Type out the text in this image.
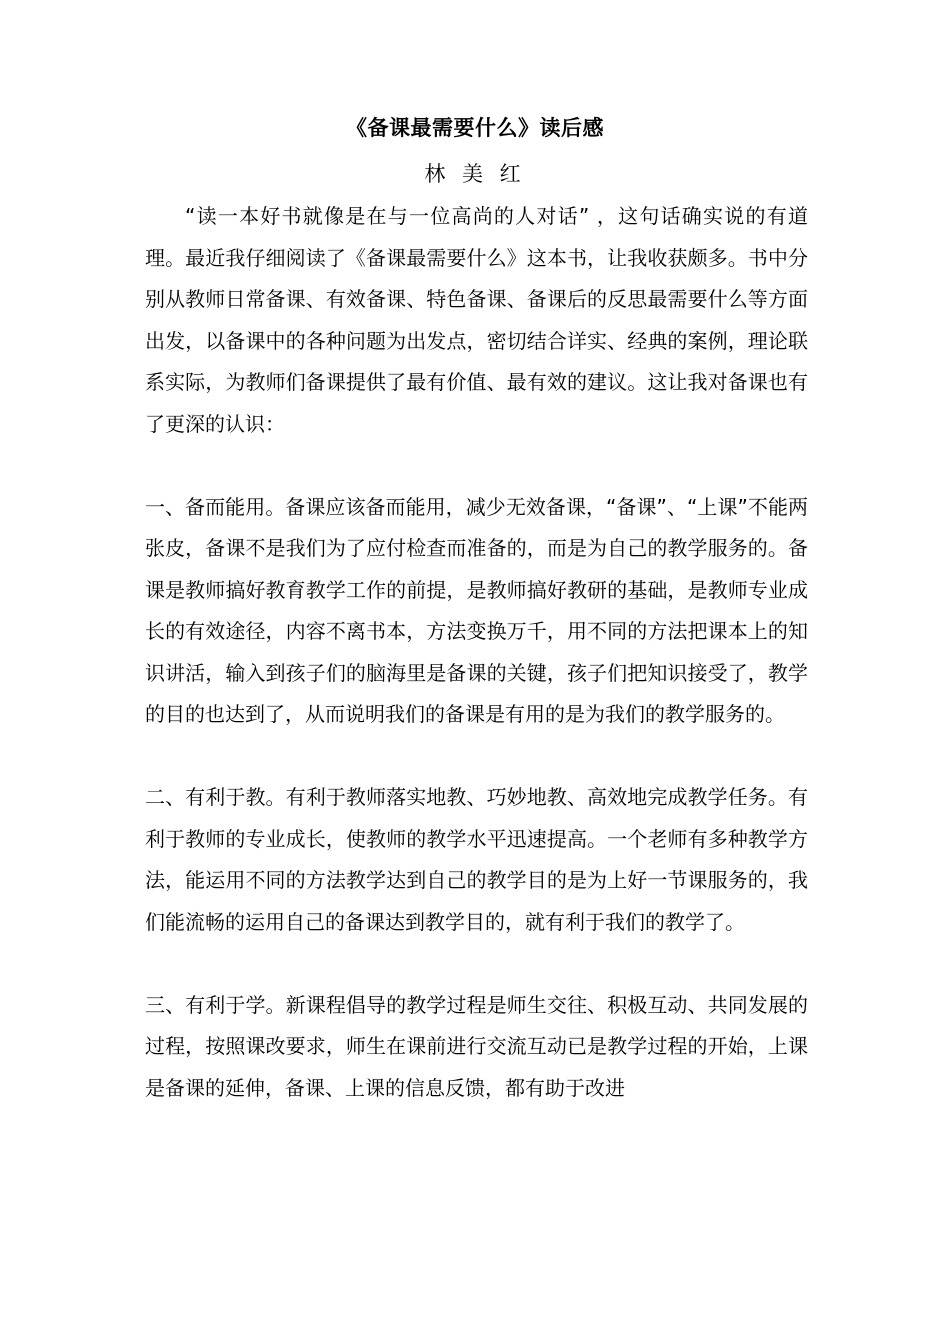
《备课最需要什么》读后感
林 美 红

“读一本好书就像是在与一位高尚的人对话” ，这句话确实说的有道理。最近我仔细阅读了《备课最需要什么》这本书，让我收获颇多。书中分别从教师日常备课、有效备课、特色备课、备课后的反思最需要什么等方面出发，以备课中的各种问题为出发点，密切结合详实、经典的案例，理论联系实际，为教师们备课提供了最有价值、最有效的建议。这让我对备课也有了更深的认识：

一、备而能用。备课应该备而能用，减少无效备课，“备课”、“上课”不能两张皮，备课不是我们为了应付检查而准备的，而是为自己的教学服务的。备课是教师搞好教育教学工作的前提，是教师搞好教研的基础，是教师专业成长的有效途径，内容不离书本，方法变换万千，用不同的方法把课本上的知识讲活，输入到孩子们的脑海里是备课的关键，孩子们把知识接受了，教学的目的也达到了，从而说明我们的备课是有用的是为我们的教学服务的。

二、有利于教。有利于教师落实地教、巧妙地教、高效地完成教学任务。有利于教师的专业成长，使教师的教学水平迅速提高。一个老师有多种教学方法，能运用不同的方法教学达到自己的教学目的是为上好一节课服务的，我们能流畅的运用自己的备课达到教学目的，就有利于我们的教学了。

三、有利于学。新课程倡导的教学过程是师生交往、积极互动、共同发展的过程，按照课改要求，师生在课前进行交流互动已是教学过程的开始，上课是备课的延伸，备课、上课的信息反馈，都有助于改进
